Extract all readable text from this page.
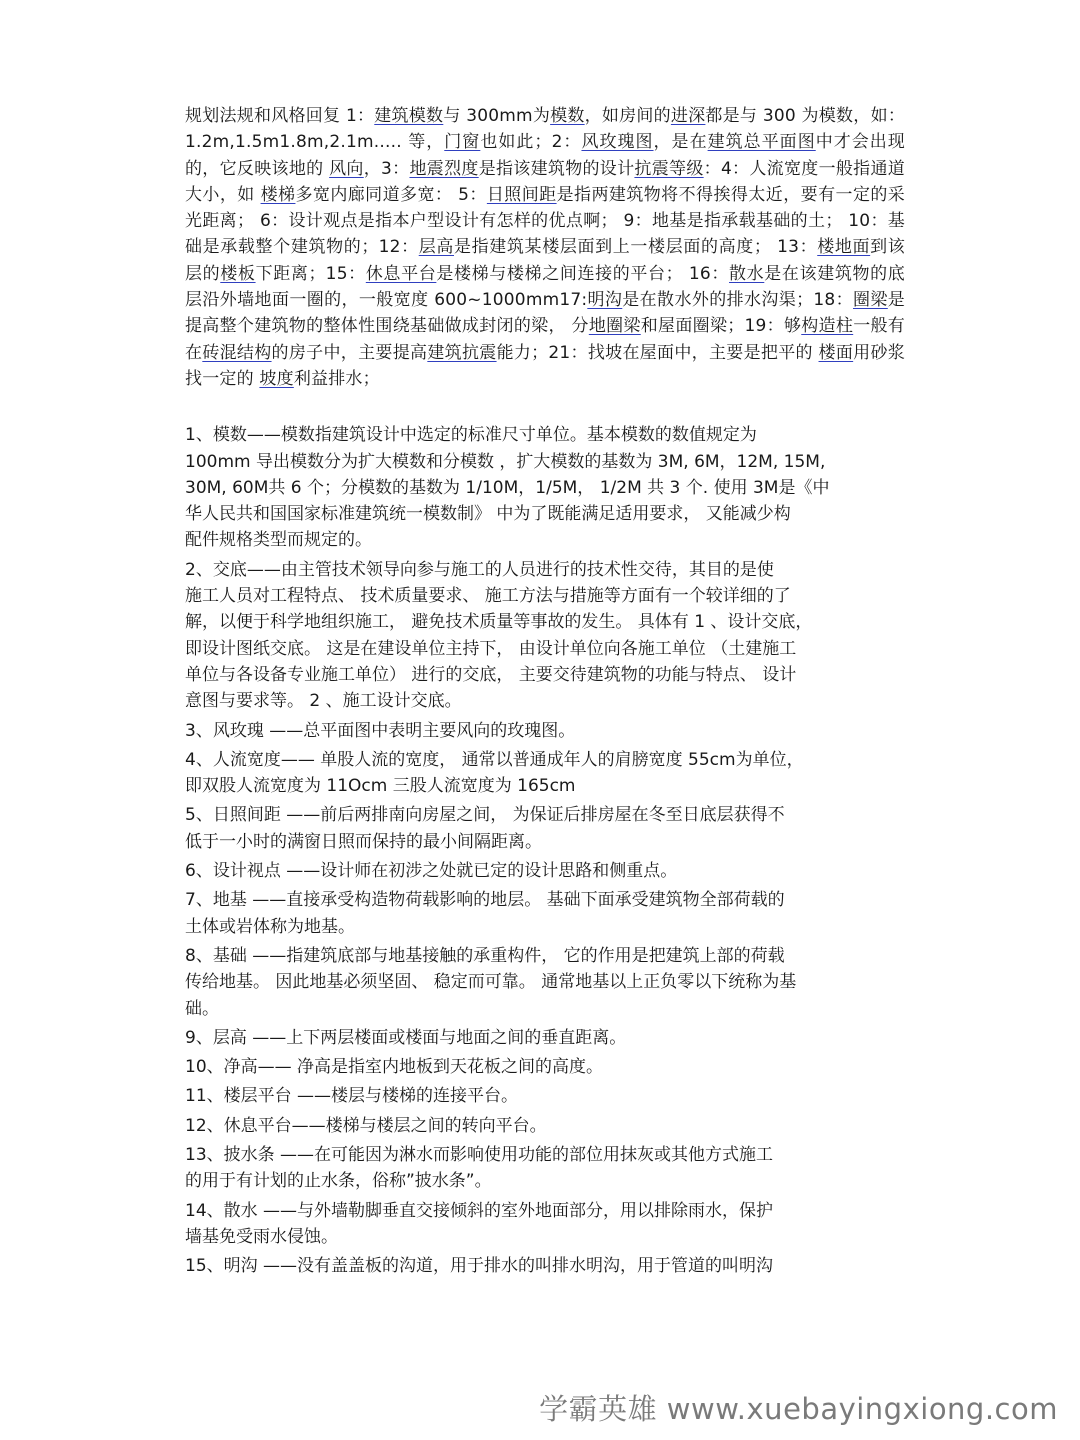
规划法规和风格回复 1：建筑模数与 300mm为模数，如房间的进深都是与 300 为模数，如： 1.2m,1.5m1.8m,2.1m..... 等，门窗也如此；2：风玫瑰图，是在建筑总平面图中才会出现的，它反映该地的 风向，3：地震烈度是指该建筑物的设计抗震等级：4：人流宽度一般指通道大小，如 楼梯多宽内廊同道多宽： 5：日照间距是指两建筑物将不得挨得太近，要有一定的采光距离； 6：设计观点是指本户型设计有怎样的优点啊； 9：地基是指承载基础的土； 10：基础是承载整个建筑物的；12：层高是指建筑某楼层面到上一楼层面的高度； 13：楼地面到该层的楼板下距离；15：休息平台是楼梯与楼梯之间连接的平台； 16：散水是在该建筑物的底层沿外墙地面一圈的，一般宽度 600~1000mm17:明沟是在散水外的排水沟渠；18：圈梁是提高整个建筑物的整体性围绕基础做成封闭的梁， 分地圈梁和屋面圈梁；19：够构造柱一般有在砖混结构的房子中，主要提高建筑抗震能力；21：找坡在屋面中，主要是把平的 楼面用砂浆找一定的 坡度利益排水；

1、模数——模数指建筑设计中选定的标准尺寸单位。基本模数的数值规定为
100mm 导出模数分为扩大模数和分模数 ，扩大模数的基数为 3M, 6M，12M, 15M,
30M, 60M共 6 个；分模数的基数为 1/10M，1/5M， 1/2M 共 3 个. 使用 3M是《中
华人民共和国国家标准建筑统一模数制》 中为了既能满足适用要求， 又能减少构
配件规格类型而规定的。
2、交底——由主管技术领导向参与施工的人员进行的技术性交待，其目的是使
施工人员对工程特点、 技术质量要求、 施工方法与措施等方面有一个较详细的了
解，以便于科学地组织施工， 避免技术质量等事故的发生。 具体有 1 、设计交底，
即设计图纸交底。 这是在建设单位主持下， 由设计单位向各施工单位 （土建施工
单位与各设备专业施工单位） 进行的交底， 主要交待建筑物的功能与特点、 设计
意图与要求等。 2 、施工设计交底。
3、风玫瑰 ——总平面图中表明主要风向的玫瑰图。
4、人流宽度—— 单股人流的宽度， 通常以普通成年人的肩膀宽度 55cm为单位，
即双股人流宽度为 11Ocm 三股人流宽度为 165cm
5、日照间距 ——前后两排南向房屋之间， 为保证后排房屋在冬至日底层获得不
低于一小时的满窗日照而保持的最小间隔距离。
6、设计视点 ——设计师在初涉之处就已定的设计思路和侧重点。
7、地基 ——直接承受构造物荷载影响的地层。 基础下面承受建筑物全部荷载的
土体或岩体称为地基。
8、基础 ——指建筑底部与地基接触的承重构件， 它的作用是把建筑上部的荷载
传给地基。 因此地基必须坚固、 稳定而可靠。 通常地基以上正负零以下统称为基
础。
9、层高 ——上下两层楼面或楼面与地面之间的垂直距离。
10、净高—— 净高是指室内地板到天花板之间的高度。
11、楼层平台 ——楼层与楼梯的连接平台。
12、休息平台——楼梯与楼层之间的转向平台。
13、披水条 ——在可能因为淋水而影响使用功能的部位用抹灰或其他方式施工
的用于有计划的止水条，俗称”披水条”。
14、散水 ——与外墙勒脚垂直交接倾斜的室外地面部分，用以排除雨水，保护
墙基免受雨水侵蚀。
15、明沟 ——没有盖盖板的沟道，用于排水的叫排水明沟，用于管道的叫明沟
学霸英雄 www.xuebayingxiong.com
